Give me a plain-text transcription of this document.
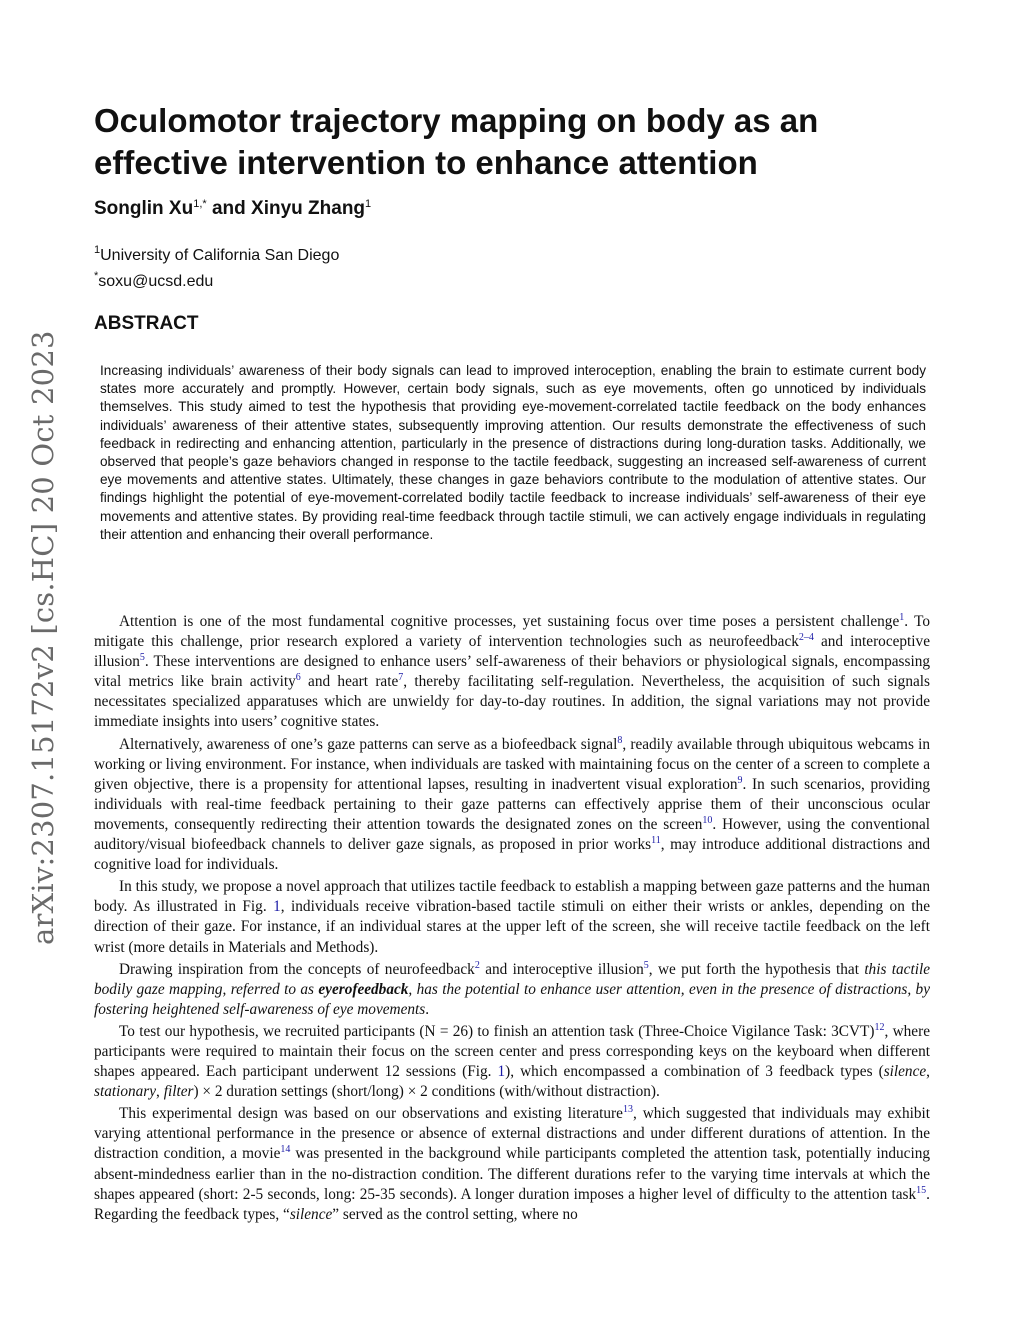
arXiv:2307.15172v2 [cs.HC] 20 Oct 2023
Oculomotor trajectory mapping on body as an effective intervention to enhance attention
Songlin $Xu^{1,*}$ and Xinyu Zhang$^1$
$^1$University of California San Diego
*soxu@ucsd.edu
ABSTRACT
Increasing individuals’ awareness of their body signals can lead to improved interoception, enabling the brain to estimate current body states more accurately and promptly. However, certain body signals, such as eye movements, often go unnoticed by individuals themselves. This study aimed to test the hypothesis that providing eye-movement-correlated tactile feedback on the body enhances individuals’ awareness of their attentive states, subsequently improving attention. Our results demonstrate the effectiveness of such feedback in redirecting and enhancing attention, particularly in the presence of distractions during long-duration tasks. Additionally, we observed that people’s gaze behaviors changed in response to the tactile feedback, suggesting an increased self-awareness of current eye movements and attentive states. Ultimately, these changes in gaze behaviors contribute to the modulation of attentive states. Our findings highlight the potential of eye-movement-correlated bodily tactile feedback to increase individuals’ self-awareness of their eye movements and attentive states. By providing real-time feedback through tactile stimuli, we can actively engage individuals in regulating their attention and enhancing their overall performance.

Attention is one of the most fundamental cognitive processes, yet sustaining focus over time poses a persistent challenge$^1$. To mitigate this challenge, prior research explored a variety of intervention technologies such as neurofeedback$^{2-4}$ and interoceptive illusion$^5$. These interventions are designed to enhance users’ self-awareness of their behaviors or physiological signals, encompassing vital metrics like brain activity$^6$ and heart rate$^7$, thereby facilitating self-regulation. Nevertheless, the acquisition of such signals necessitates specialized apparatuses which are unwieldy for day-to-day routines. In addition, the signal variations may not provide immediate insights into users’ cognitive states.

Alternatively, awareness of one’s gaze patterns can serve as a biofeedback signal$^8$, readily available through ubiquitous webcams in working or living environment. For instance, when individuals are tasked with maintaining focus on the center of a screen to complete a given objective, there is a propensity for attentional lapses, resulting in inadvertent visual exploration$^9$. In such scenarios, providing individuals with real-time feedback pertaining to their gaze patterns can effectively apprise them of their unconscious ocular movements, consequently redirecting their attention towards the designated zones on the screen$^{10}$. However, using the conventional auditory/visual biofeedback channels to deliver gaze signals, as proposed in prior works$^{11}$, may introduce additional distractions and cognitive load for individuals.

In this study, we propose a novel approach that utilizes tactile feedback to establish a mapping between gaze patterns and the human body. As illustrated in Fig. 1, individuals receive vibration-based tactile stimuli on either their wrists or ankles, depending on the direction of their gaze. For instance, if an individual stares at the upper left of the screen, she will receive tactile feedback on the left wrist (more details in Materials and Methods).

Drawing inspiration from the concepts of neurofeedback$^2$ and interoceptive illusion$^5$, we put forth the hypothesis that this tactile bodily gaze mapping, referred to as eyerofeedback, has the potential to enhance user attention, even in the presence of distractions, by fostering heightened self-awareness of eye movements.

To test our hypothesis, we recruited participants (N = 26) to finish an attention task (Three-Choice Vigilance Task: 3CVT)$^{12}$, where participants were required to maintain their focus on the screen center and press corresponding keys on the keyboard when different shapes appeared. Each participant underwent 12 sessions (Fig. 1), which encompassed a combination of 3 feedback types (silence, stationary, filter) × 2 duration settings (short/long) × 2 conditions (with/without distraction).

This experimental design was based on our observations and existing literature$^{13}$, which suggested that individuals may exhibit varying attentional performance in the presence or absence of external distractions and under different durations of attention. In the distraction condition, a movie$^{14}$ was presented in the background while participants completed the attention task, potentially inducing absent-mindedness earlier than in the no-distraction condition. The different durations refer to the varying time intervals at which the shapes appeared (short: 2-5 seconds, long: 25-35 seconds). A longer duration imposes a higher level of difficulty to the attention task$^{15}$. Regarding the feedback types, “silence” served as the control setting, where no
